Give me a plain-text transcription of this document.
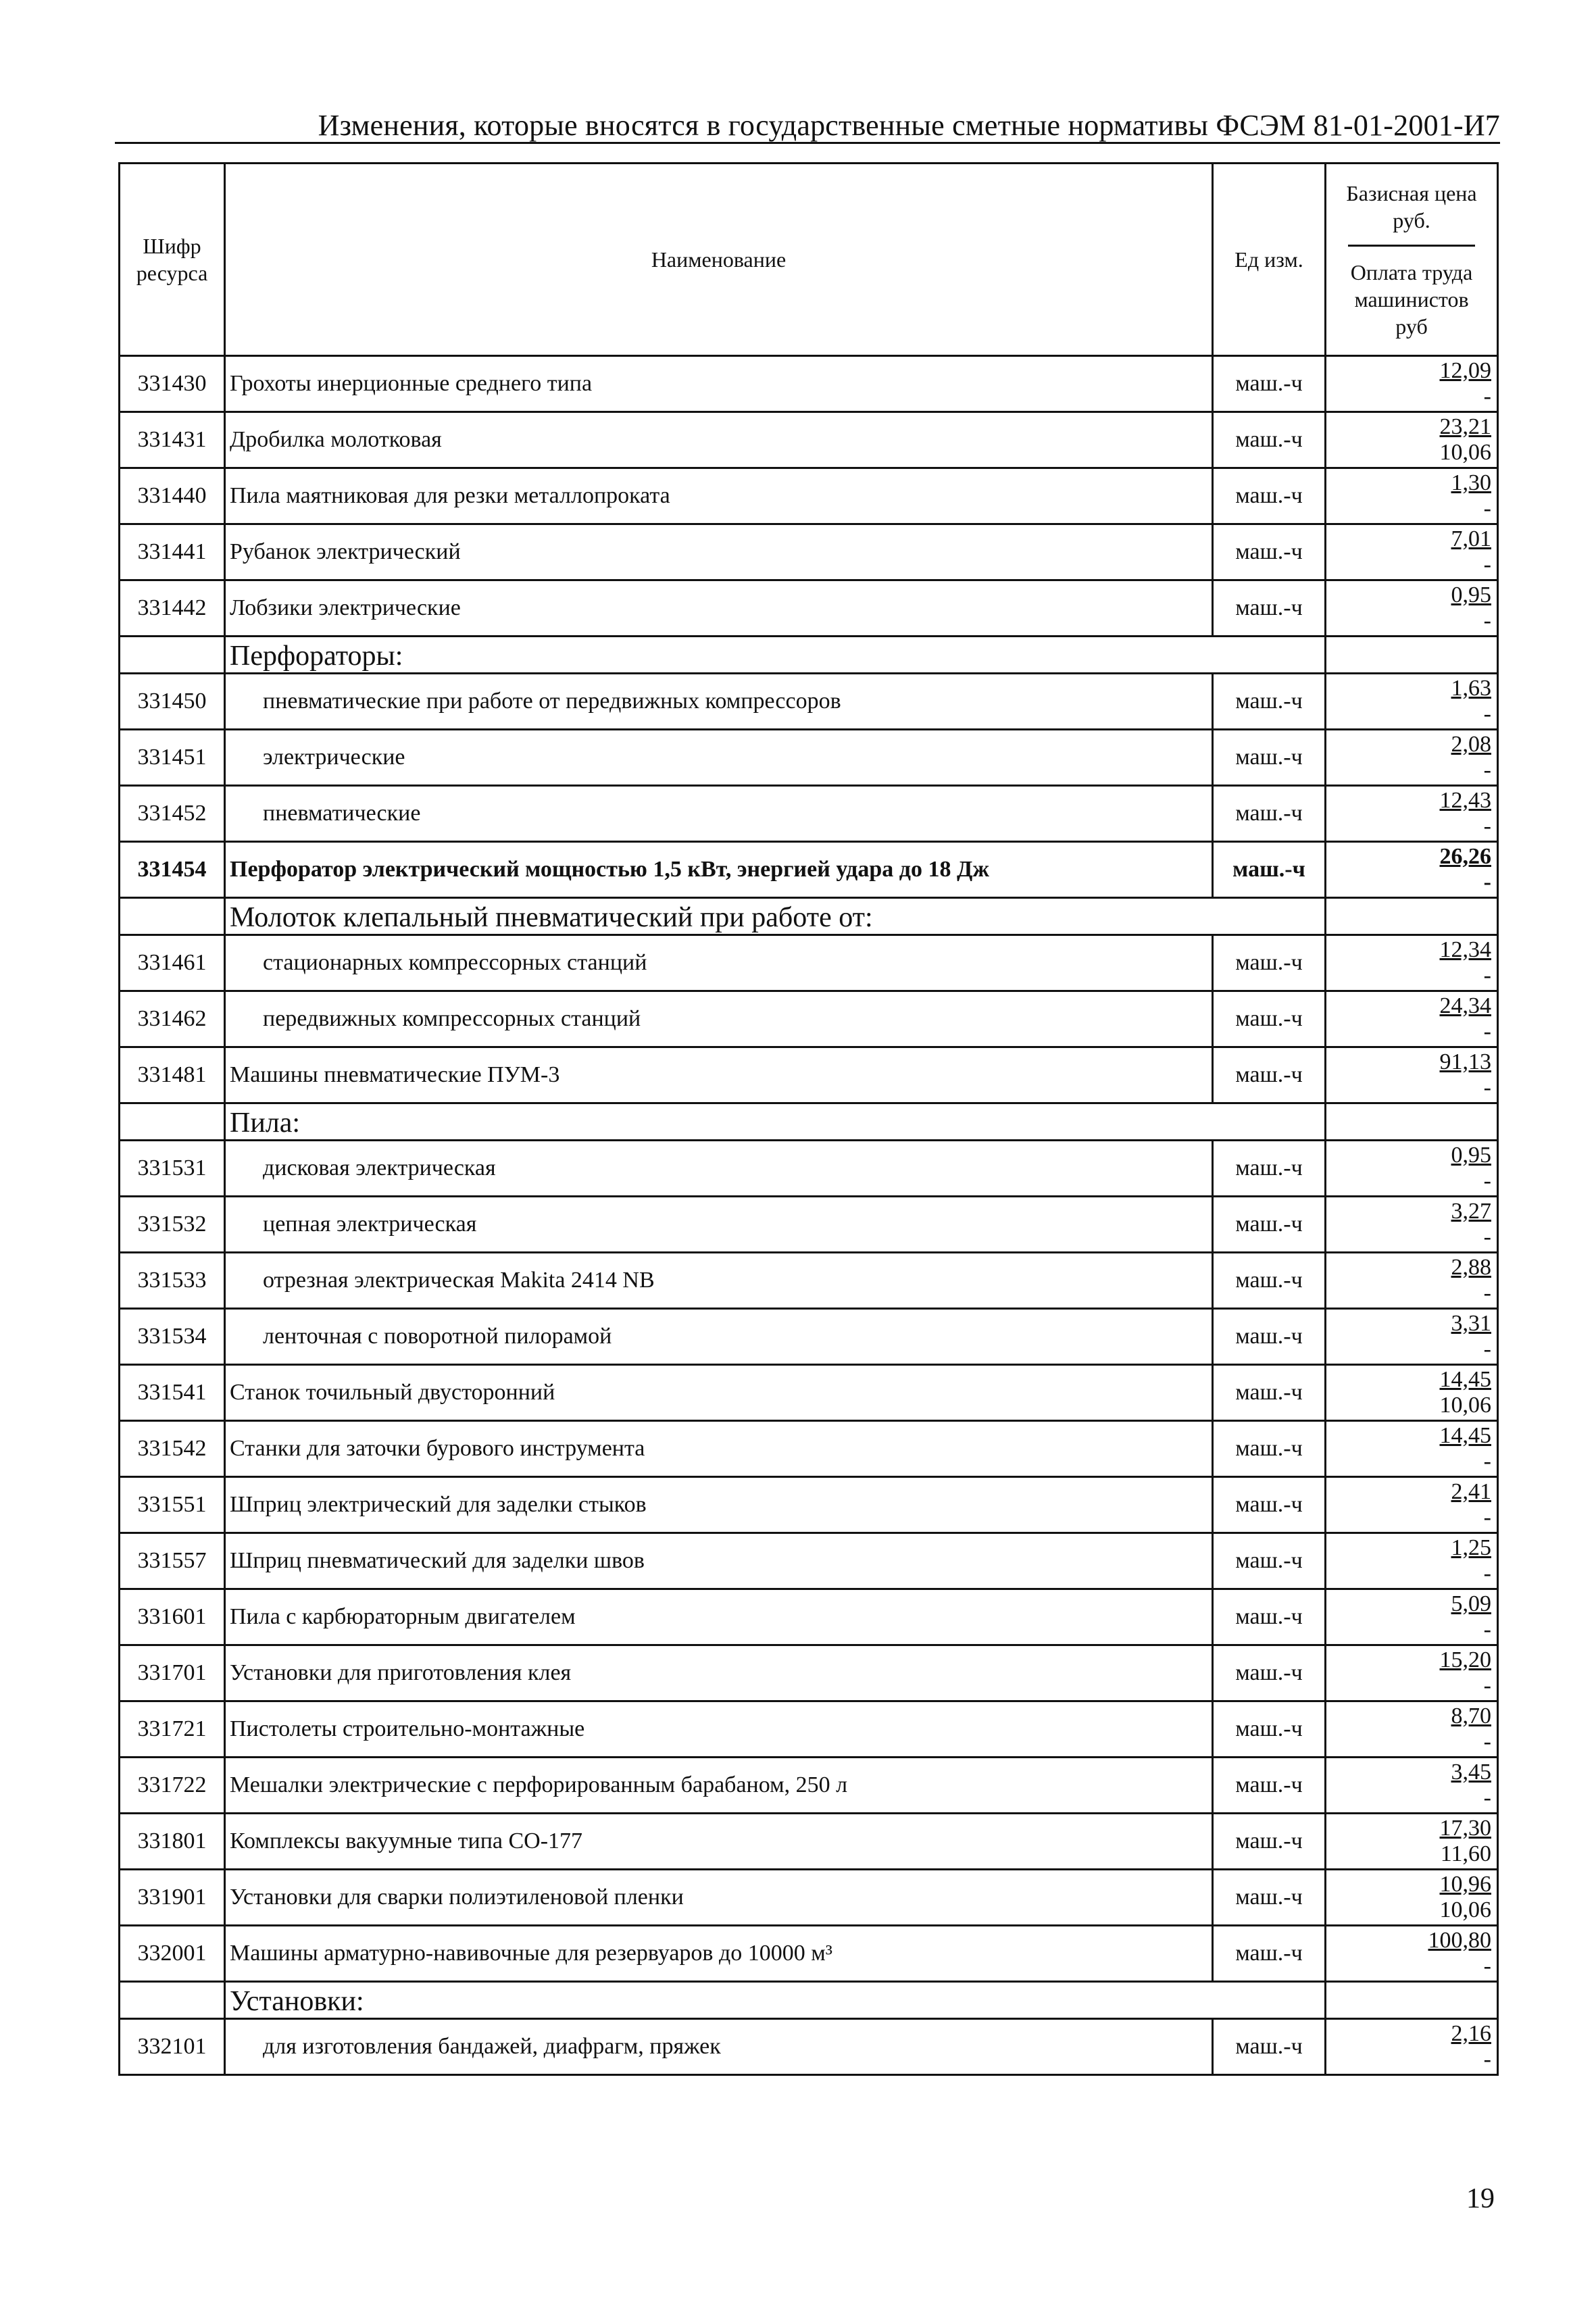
Изменения, которые вносятся в государственные сметные нормативы ФСЭМ 81-01-2001-И7
Шифр ресурса	Наименование	Ед изм.	Базисная цена руб.
Оплата труда машинистов руб

331430	Грохоты инерционные среднего типа	маш.-ч	12,09
-

331431	Дробилка молотковая	маш.-ч	23,21
10,06

331440	Пила маятниковая для резки металлопроката	маш.-ч	1,30
-

331441	Рубанок электрический	маш.-ч	7,01
-

331442	Лобзики электрические	маш.-ч	0,95
-

	Перфораторы:		
331450	пневматические при работе от передвижных компрессоров	маш.-ч	1,63
-

331451	электрические	маш.-ч	2,08
-

331452	пневматические	маш.-ч	12,43
-

331454	Перфоратор электрический мощностью 1,5 кВт, энергией удара до 18 Дж	маш.-ч	26,26
-

	Молоток клепальный пневматический при работе от:		
331461	стационарных компрессорных станций	маш.-ч	12,34
-

331462	передвижных компрессорных станций	маш.-ч	24,34
-

331481	Машины пневматические ПУМ-3	маш.-ч	91,13
-

	Пила:		
331531	дисковая электрическая	маш.-ч	0,95
-

331532	цепная электрическая	маш.-ч	3,27
-

331533	отрезная электрическая Makita 2414 NB	маш.-ч	2,88
-

331534	ленточная с поворотной пилорамой	маш.-ч	3,31
-

331541	Станок точильный двусторонний	маш.-ч	14,45
10,06

331542	Станки для заточки бурового инструмента	маш.-ч	14,45
-

331551	Шприц электрический для заделки стыков	маш.-ч	2,41
-

331557	Шприц пневматический для заделки швов	маш.-ч	1,25
-

331601	Пила с карбюраторным двигателем	маш.-ч	5,09
-

331701	Установки для приготовления клея	маш.-ч	15,20
-

331721	Пистолеты строительно-монтажные	маш.-ч	8,70
-

331722	Мешалки электрические с перфорированным барабаном, 250 л	маш.-ч	3,45
-

331801	Комплексы вакуумные типа СО-177	маш.-ч	17,30
11,60

331901	Установки для сварки полиэтиленовой пленки	маш.-ч	10,96
10,06

332001	Машины арматурно-навивочные для резервуаров до 10000 м³	маш.-ч	100,80
-

	Установки:		
332101	для изготовления бандажей, диафрагм, пряжек	маш.-ч	2,16
-
19
